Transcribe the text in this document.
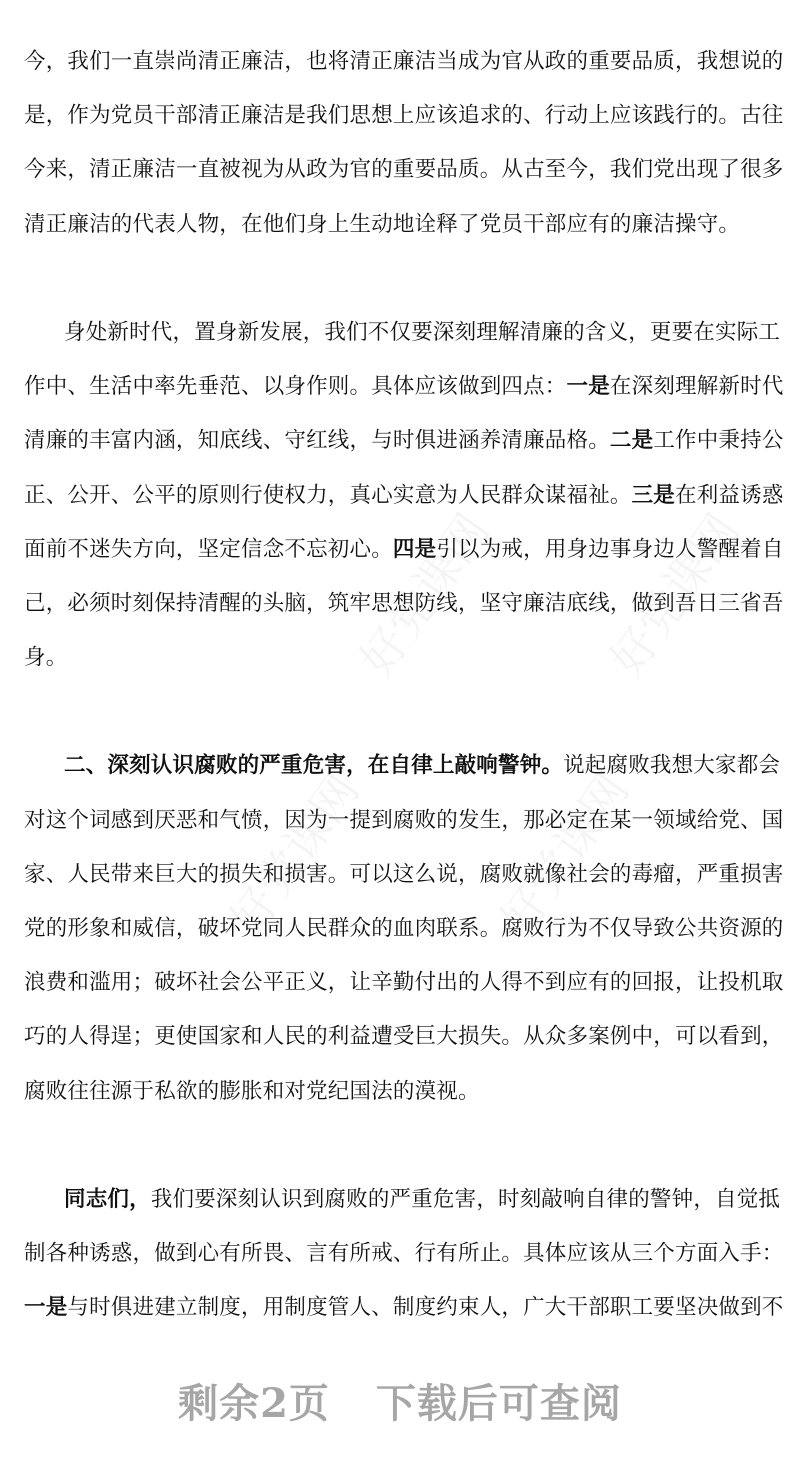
今，我们一直崇尚清正廉洁，也将清正廉洁当成为官从政的重要品质，我想说的
是，作为党员干部清正廉洁是我们思想上应该追求的、行动上应该践行的。古往
今来，清正廉洁一直被视为从政为官的重要品质。从古至今，我们党出现了很多
清正廉洁的代表人物，在他们身上生动地诠释了党员干部应有的廉洁操守。
身处新时代，置身新发展，我们不仅要深刻理解清廉的含义，更要在实际工
作中、生活中率先垂范、以身作则。具体应该做到四点：一是在深刻理解新时代
清廉的丰富内涵，知底线、守红线，与时俱进涵养清廉品格。二是工作中秉持公
正、公开、公平的原则行使权力，真心实意为人民群众谋福祉。三是在利益诱惑
面前不迷失方向，坚定信念不忘初心。四是引以为戒，用身边事身边人警醒着自
己，必须时刻保持清醒的头脑，筑牢思想防线，坚守廉洁底线，做到吾日三省吾
身。
二、深刻认识腐败的严重危害，在自律上敲响警钟。说起腐败我想大家都会
对这个词感到厌恶和气愤，因为一提到腐败的发生，那必定在某一领域给党、国
家、人民带来巨大的损失和损害。可以这么说，腐败就像社会的毒瘤，严重损害
党的形象和威信，破坏党同人民群众的血肉联系。腐败行为不仅导致公共资源的
浪费和滥用；破坏社会公平正义，让辛勤付出的人得不到应有的回报，让投机取
巧的人得逞；更使国家和人民的利益遭受巨大损失。从众多案例中，可以看到，
腐败往往源于私欲的膨胀和对党纪国法的漠视。
同志们，我们要深刻认识到腐败的严重危害，时刻敲响自律的警钟，自觉抵
制各种诱惑，做到心有所畏、言有所戒、行有所止。具体应该从三个方面入手：
一是与时俱进建立制度，用制度管人、制度约束人，广大干部职工要坚决做到不
剩余2页 下载后可查阅
